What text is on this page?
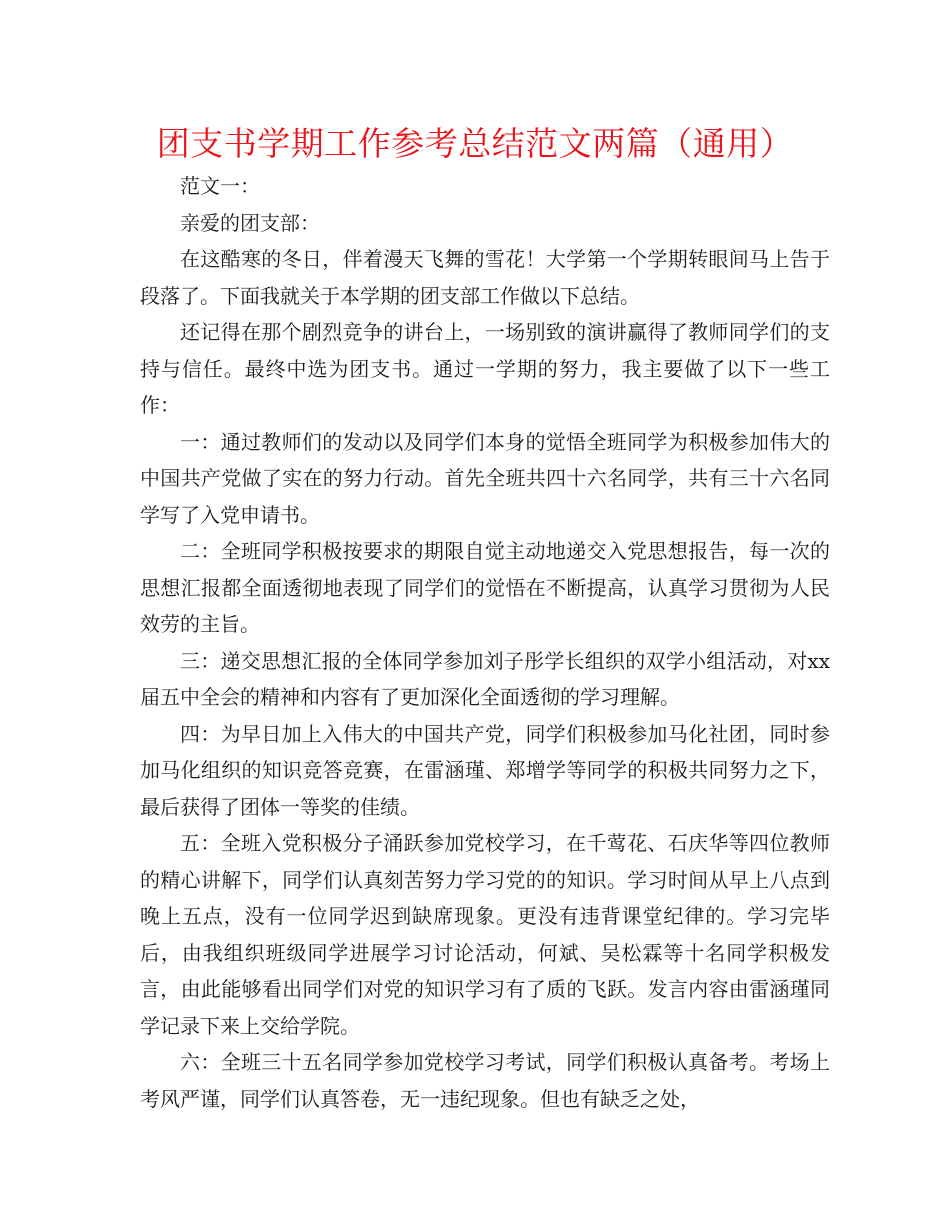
团支书学期工作参考总结范文两篇（通用）

范文一：

亲爱的团支部：

在这酷寒的冬日，伴着漫天飞舞的雪花！大学第一个学期转眼间马上告于段落了。下面我就关于本学期的团支部工作做以下总结。

还记得在那个剧烈竞争的讲台上，一场别致的演讲赢得了教师同学们的支持与信任。最终中选为团支书。通过一学期的努力，我主要做了以下一些工作：

一：通过教师们的发动以及同学们本身的觉悟全班同学为积极参加伟大的中国共产党做了实在的努力行动。首先全班共四十六名同学，共有三十六名同学写了入党申请书。

二：全班同学积极按要求的期限自觉主动地递交入党思想报告，每一次的思想汇报都全面透彻地表现了同学们的觉悟在不断提高，认真学习贯彻为人民效劳的主旨。

三：递交思想汇报的全体同学参加刘子彤学长组织的双学小组活动，对xx届五中全会的精神和内容有了更加深化全面透彻的学习理解。

四：为早日加上入伟大的中国共产党，同学们积极参加马化社团，同时参加马化组织的知识竞答竞赛，在雷涵瑾、郑增学等同学的积极共同努力之下，最后获得了团体一等奖的佳绩。

五：全班入党积极分子涌跃参加党校学习，在千莺花、石庆华等四位教师的精心讲解下，同学们认真刻苦努力学习党的的知识。学习时间从早上八点到晚上五点，没有一位同学迟到缺席现象。更没有违背课堂纪律的。学习完毕后，由我组织班级同学进展学习讨论活动，何斌、吴松霖等十名同学积极发言，由此能够看出同学们对党的知识学习有了质的飞跃。发言内容由雷涵瑾同学记录下来上交给学院。

六：全班三十五名同学参加党校学习考试，同学们积极认真备考。考场上考风严谨，同学们认真答卷，无一违纪现象。但也有缺乏之处，
